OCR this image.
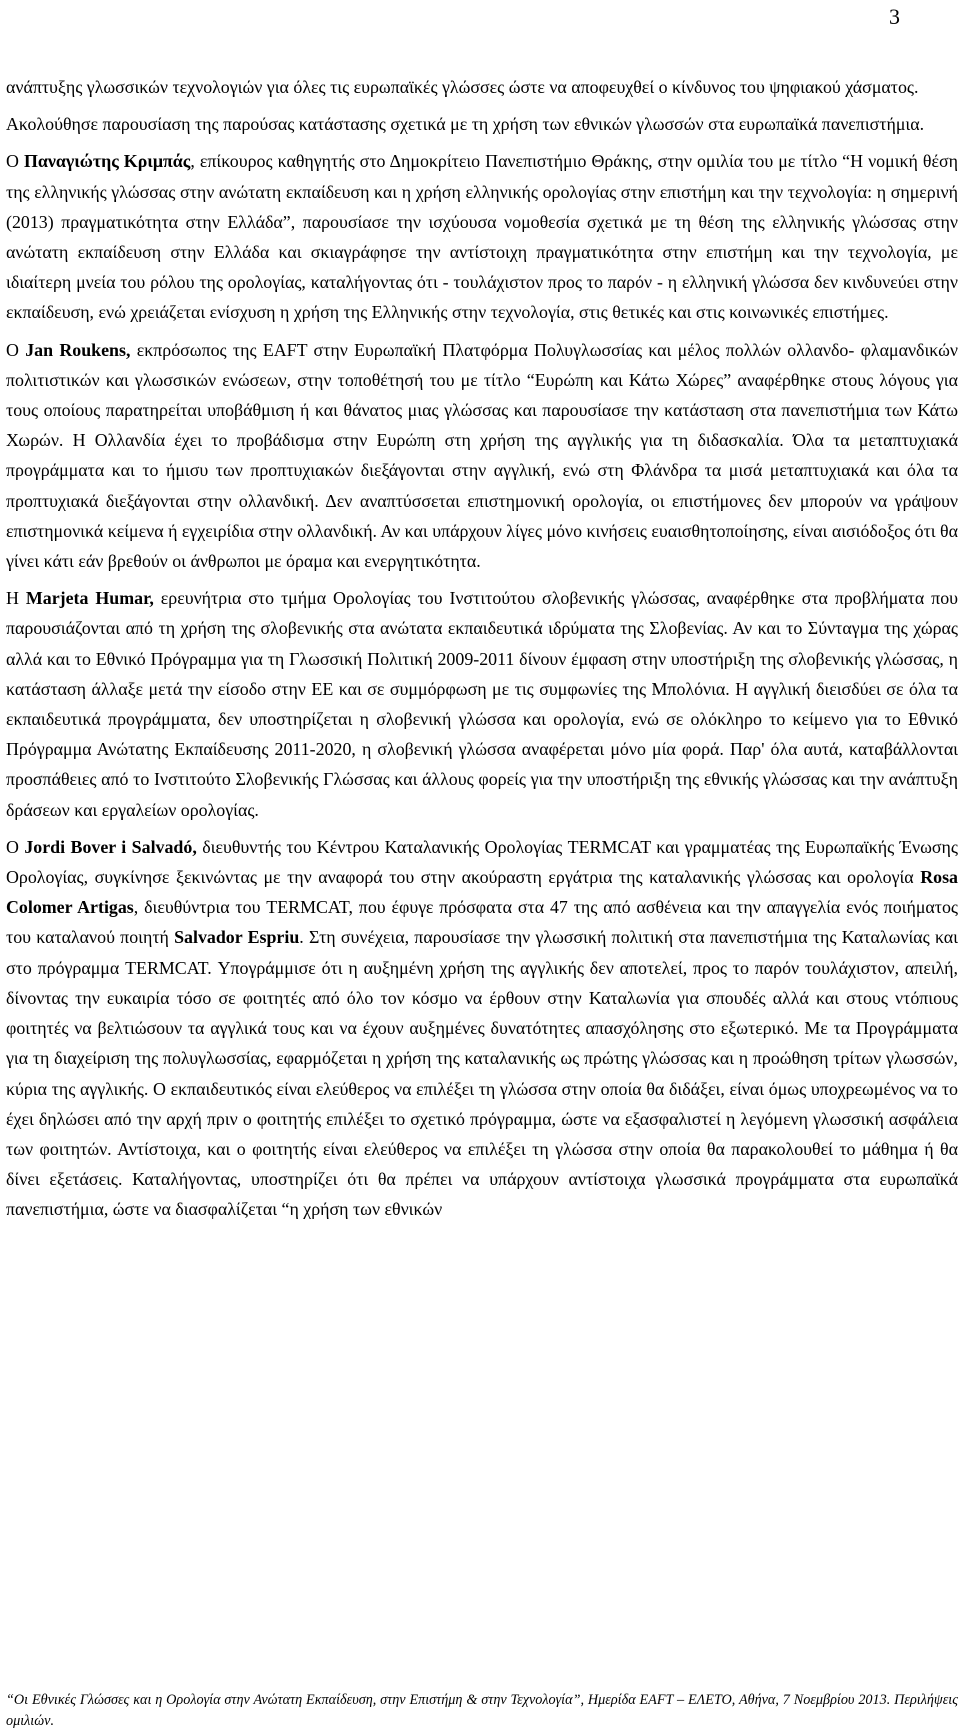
3

ανάπτυξης γλωσσικών τεχνολογιών για όλες τις ευρωπαϊκές γλώσσες ώστε να αποφευχθεί ο κίνδυνος του ψηφιακού χάσματος.

Ακολούθησε παρουσίαση της παρούσας κατάστασης σχετικά με τη χρήση των εθνικών γλωσσών στα ευρωπαϊκά πανεπιστήμια.

Ο Παναγιώτης Κριμπάς, επίκουρος καθηγητής στο Δημοκρίτειο Πανεπιστήμιο Θράκης, στην ομιλία του με τίτλο “Η νομική θέση της ελληνικής γλώσσας στην ανώτατη εκπαίδευση και η χρήση ελληνικής ορολογίας στην επιστήμη και την τεχνολογία: η σημερινή (2013) πραγματικότητα στην Ελλάδα”, παρουσίασε την ισχύουσα νομοθεσία σχετικά με τη θέση της ελληνικής γλώσσας στην ανώτατη εκπαίδευση στην Ελλάδα και σκιαγράφησε την αντίστοιχη πραγματικότητα στην επιστήμη και την τεχνολογία, με ιδιαίτερη μνεία του ρόλου της ορολογίας, καταλήγοντας ότι - τουλάχιστον προς το παρόν - η ελληνική γλώσσα δεν κινδυνεύει στην εκπαίδευση, ενώ χρειάζεται ενίσχυση η χρήση της Ελληνικής στην τεχνολογία, στις θετικές και στις κοινωνικές επιστήμες.

Ο Jan Roukens, εκπρόσωπος της EAFT στην Ευρωπαϊκή Πλατφόρμα Πολυγλωσσίας και μέλος πολλών ολλανδο- φλαμανδικών πολιτιστικών και γλωσσικών ενώσεων, στην τοποθέτησή του με τίτλο “Ευρώπη και Κάτω Χώρες” αναφέρθηκε στους λόγους για τους οποίους παρατηρείται υποβάθμιση ή και θάνατος μιας γλώσσας και παρουσίασε την κατάσταση στα πανεπιστήμια των Κάτω Χωρών. Η Ολλανδία έχει το προβάδισμα στην Ευρώπη στη χρήση της αγγλικής για τη διδασκαλία. Όλα τα μεταπτυχιακά προγράμματα και το ήμισυ των προπτυχιακών διεξάγονται στην αγγλική, ενώ στη Φλάνδρα τα μισά μεταπτυχιακά και όλα τα προπτυχιακά διεξάγονται στην ολλανδική. Δεν αναπτύσσεται επιστημονική ορολογία, οι επιστήμονες δεν μπορούν να γράψουν επιστημονικά κείμενα ή εγχειρίδια στην ολλανδική. Αν και υπάρχουν λίγες μόνο κινήσεις ευαισθητοποίησης, είναι αισιόδοξος ότι θα γίνει κάτι εάν βρεθούν οι άνθρωποι με όραμα και ενεργητικότητα.

Η Marjeta Humar, ερευνήτρια στο τμήμα Ορολογίας του Ινστιτούτου σλοβενικής γλώσσας, αναφέρθηκε στα προβλήματα που παρουσιάζονται από τη χρήση της σλοβενικής στα ανώτατα εκπαιδευτικά ιδρύματα της Σλοβενίας. Αν και το Σύνταγμα της χώρας αλλά και το Εθνικό Πρόγραμμα για τη Γλωσσική Πολιτική 2009-2011 δίνουν έμφαση στην υποστήριξη της σλοβενικής γλώσσας, η κατάσταση άλλαξε μετά την είσοδο στην ΕΕ και σε συμμόρφωση με τις συμφωνίες της Μπολόνια. Η αγγλική διεισδύει σε όλα τα εκπαιδευτικά προγράμματα, δεν υποστηρίζεται η σλοβενική γλώσσα και ορολογία, ενώ σε ολόκληρο το κείμενο για το Εθνικό Πρόγραμμα Ανώτατης Εκπαίδευσης 2011-2020, η σλοβενική γλώσσα αναφέρεται μόνο μία φορά. Παρ' όλα αυτά, καταβάλλονται προσπάθειες από το Ινστιτούτο Σλοβενικής Γλώσσας και άλλους φορείς για την υποστήριξη της εθνικής γλώσσας και την ανάπτυξη δράσεων και εργαλείων ορολογίας.

Ο Jordi Bover i Salvadó, διευθυντής του Κέντρου Καταλανικής Ορολογίας TERMCAT και γραμματέας της Ευρωπαϊκής Ένωσης Ορολογίας, συγκίνησε ξεκινώντας με την αναφορά του στην ακούραστη εργάτρια της καταλανικής γλώσσας και ορολογία Rosa Colomer Artigas, διευθύντρια του TERMCAT, που έφυγε πρόσφατα στα 47 της από ασθένεια και την απαγγελία ενός ποιήματος του καταλανού ποιητή Salvador Espriu. Στη συνέχεια, παρουσίασε την γλωσσική πολιτική στα πανεπιστήμια της Καταλωνίας και στο πρόγραμμα TERMCAT. Υπογράμμισε ότι η αυξημένη χρήση της αγγλικής δεν αποτελεί, προς το παρόν τουλάχιστον, απειλή, δίνοντας την ευκαιρία τόσο σε φοιτητές από όλο τον κόσμο να έρθουν στην Καταλωνία για σπουδές αλλά και στους ντόπιους φοιτητές να βελτιώσουν τα αγγλικά τους και να έχουν αυξημένες δυνατότητες απασχόλησης στο εξωτερικό. Με τα Προγράμματα για τη διαχείριση της πολυγλωσσίας, εφαρμόζεται η χρήση της καταλανικής ως πρώτης γλώσσας και η προώθηση τρίτων γλωσσών, κύρια της αγγλικής. Ο εκπαιδευτικός είναι ελεύθερος να επιλέξει τη γλώσσα στην οποία θα διδάξει, είναι όμως υποχρεωμένος να το έχει δηλώσει από την αρχή πριν ο φοιτητής επιλέξει το σχετικό πρόγραμμα, ώστε να εξασφαλιστεί η λεγόμενη γλωσσική ασφάλεια των φοιτητών. Αντίστοιχα, και ο φοιτητής είναι ελεύθερος να επιλέξει τη γλώσσα στην οποία θα παρακολουθεί το μάθημα ή θα δίνει εξετάσεις. Καταλήγοντας, υποστηρίζει ότι θα πρέπει να υπάρχουν αντίστοιχα γλωσσικά προγράμματα στα ευρωπαϊκά πανεπιστήμια, ώστε να διασφαλίζεται “η χρήση των εθνικών

“Οι Εθνικές Γλώσσες και η Ορολογία στην Ανώτατη Εκπαίδευση, στην Επιστήμη & στην Τεχνολογία”, Ημερίδα EAFT – ΕΛΕΤΟ, Αθήνα, 7 Νοεμβρίου 2013. Περιλήψεις ομιλιών.
